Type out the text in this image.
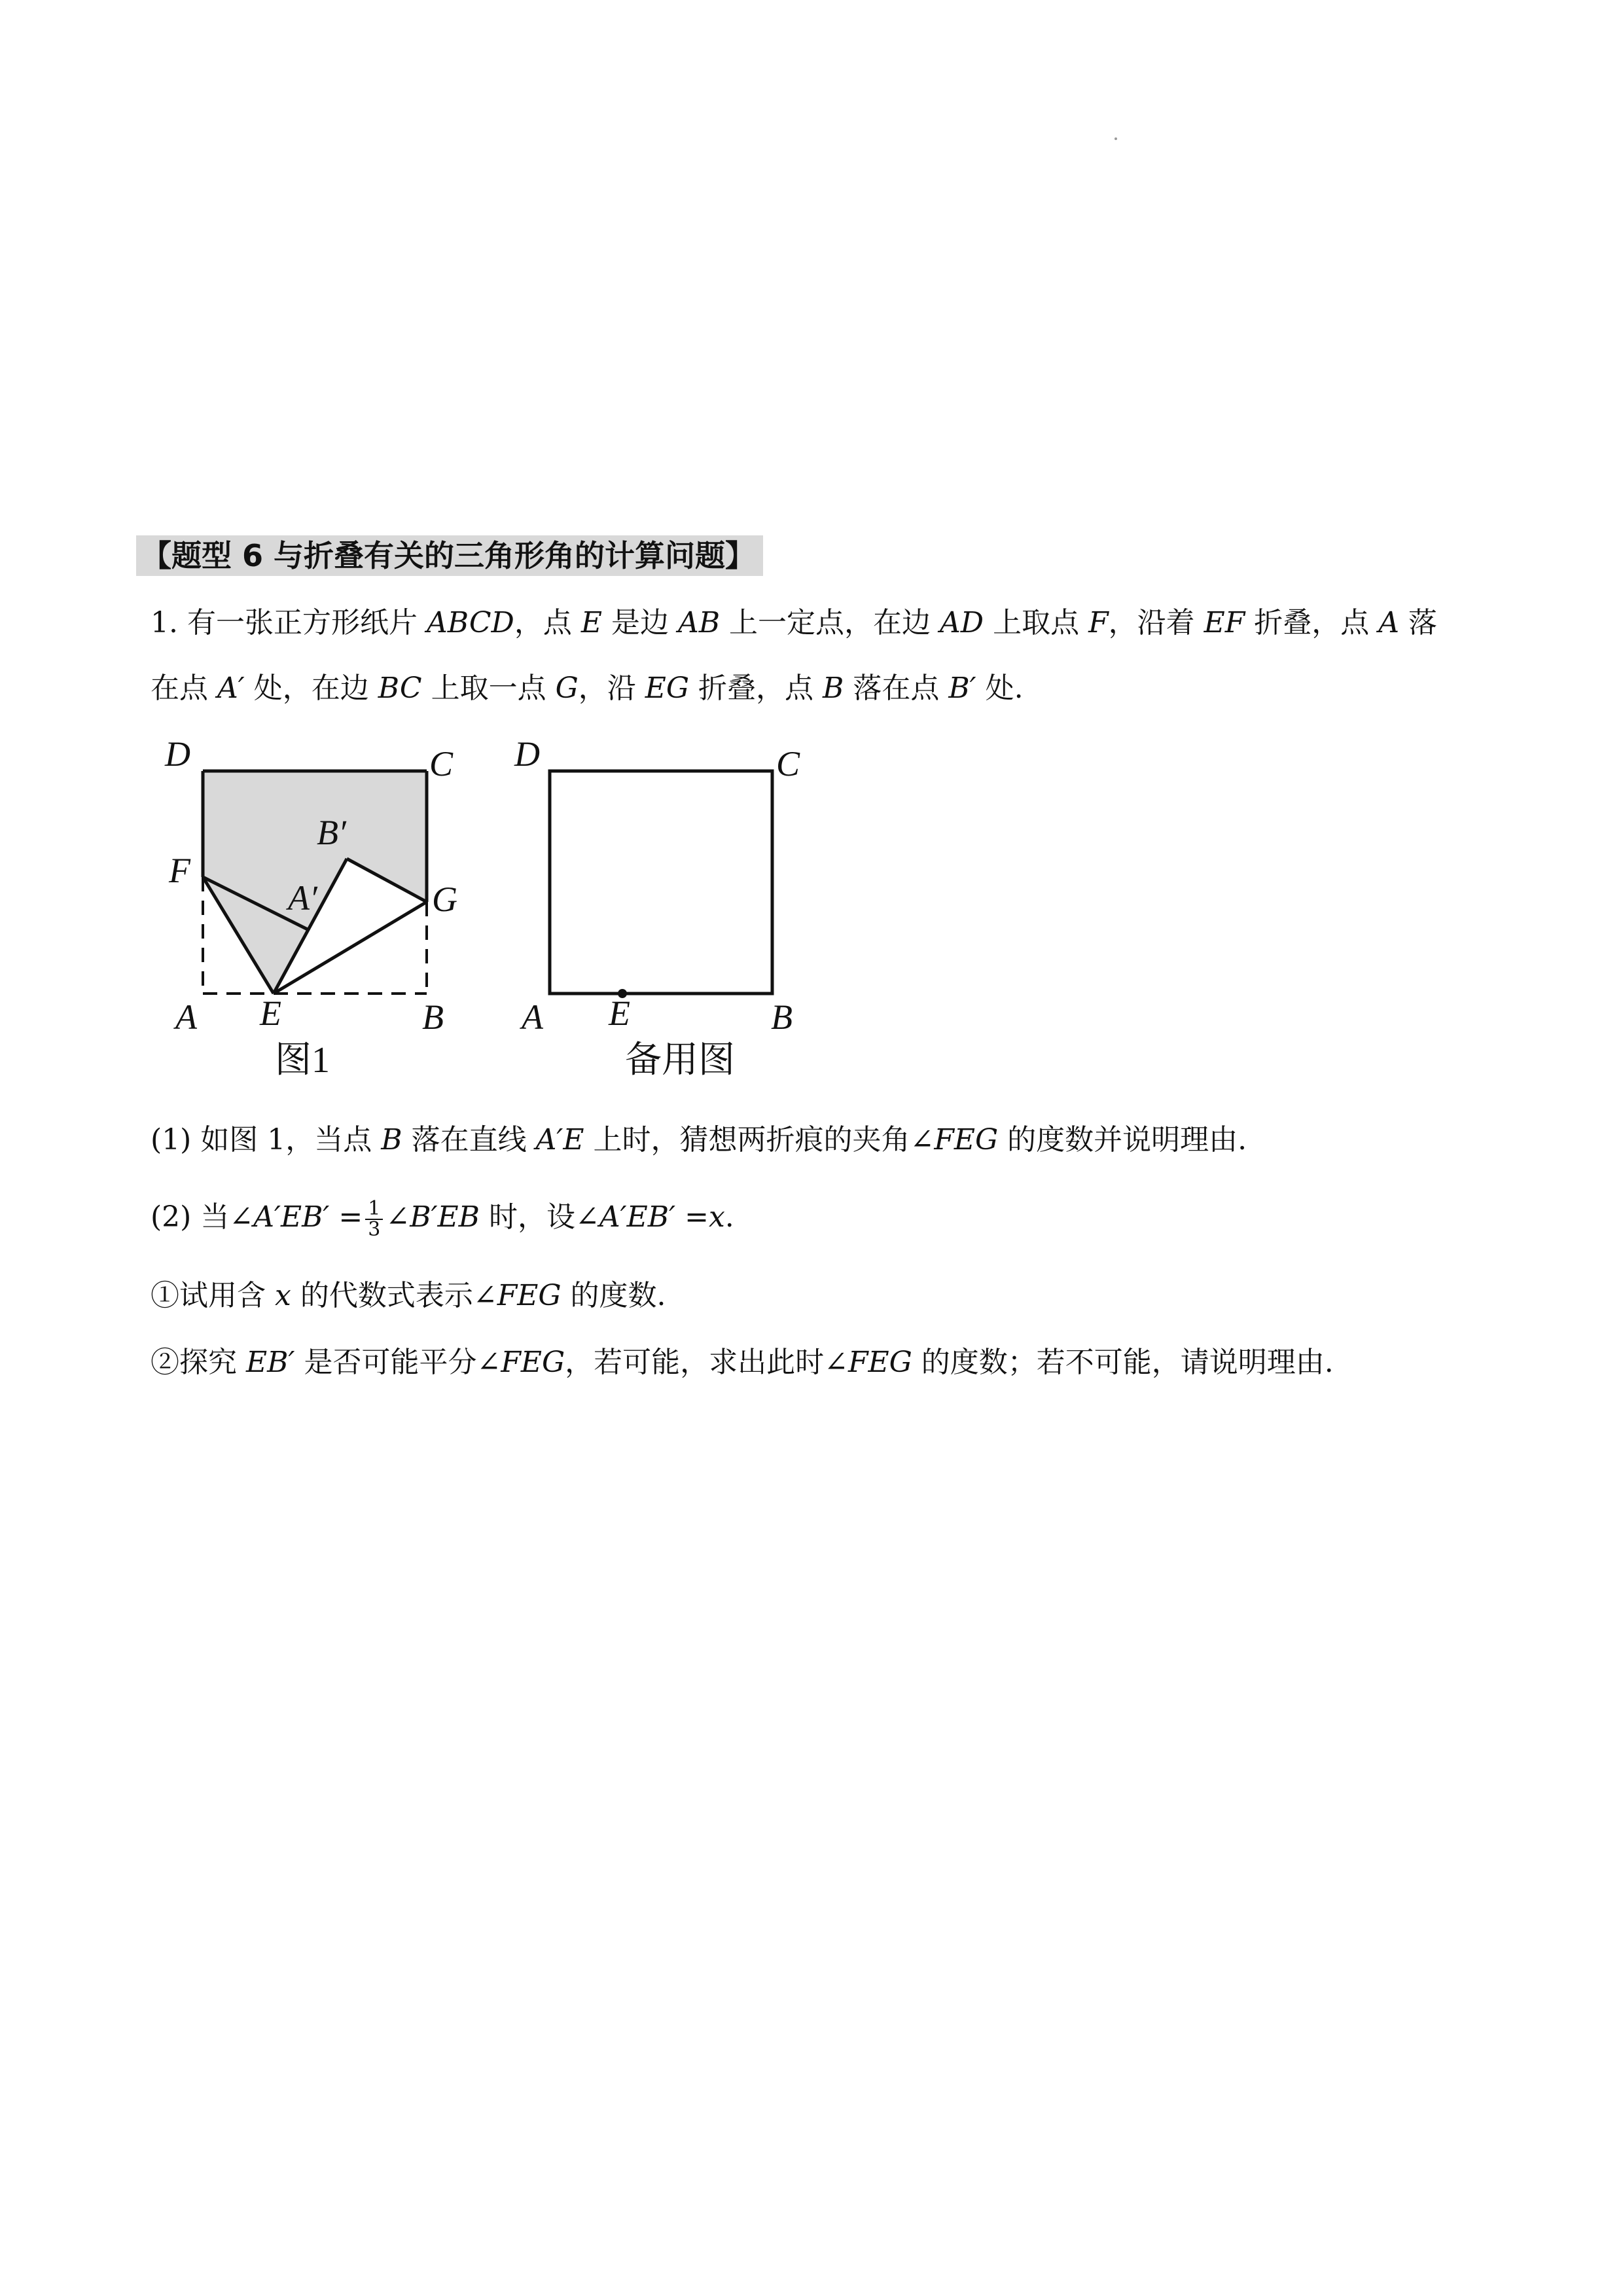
【题型 6 与折叠有关的三角形角的计算问题】
1. 有一张正方形纸片 ABCD，点 E 是边 AB 上一定点，在边 AD 上取点 F，沿着 EF 折叠，点 A 落
在点 A′ 处，在边 BC 上取一点 G，沿 EG 折叠，点 B 落在点 B′ 处.
D	C
F
G
B′
A′
A E	B
图1
D	C
A E	B
备用图
(1) 如图 1，当点 B 落在直线 A′E 上时，猜想两折痕的夹角∠FEG 的度数并说明理由.
(2) 当∠A′EB′ = $\frac{1}{3}$ ∠B′EB 时，设∠A′EB′ =x.
①试用含 x 的代数式表示∠FEG 的度数.
②探究 EB′ 是否可能平分∠FEG，若可能，求出此时∠FEG 的度数；若不可能，请说明理由.
